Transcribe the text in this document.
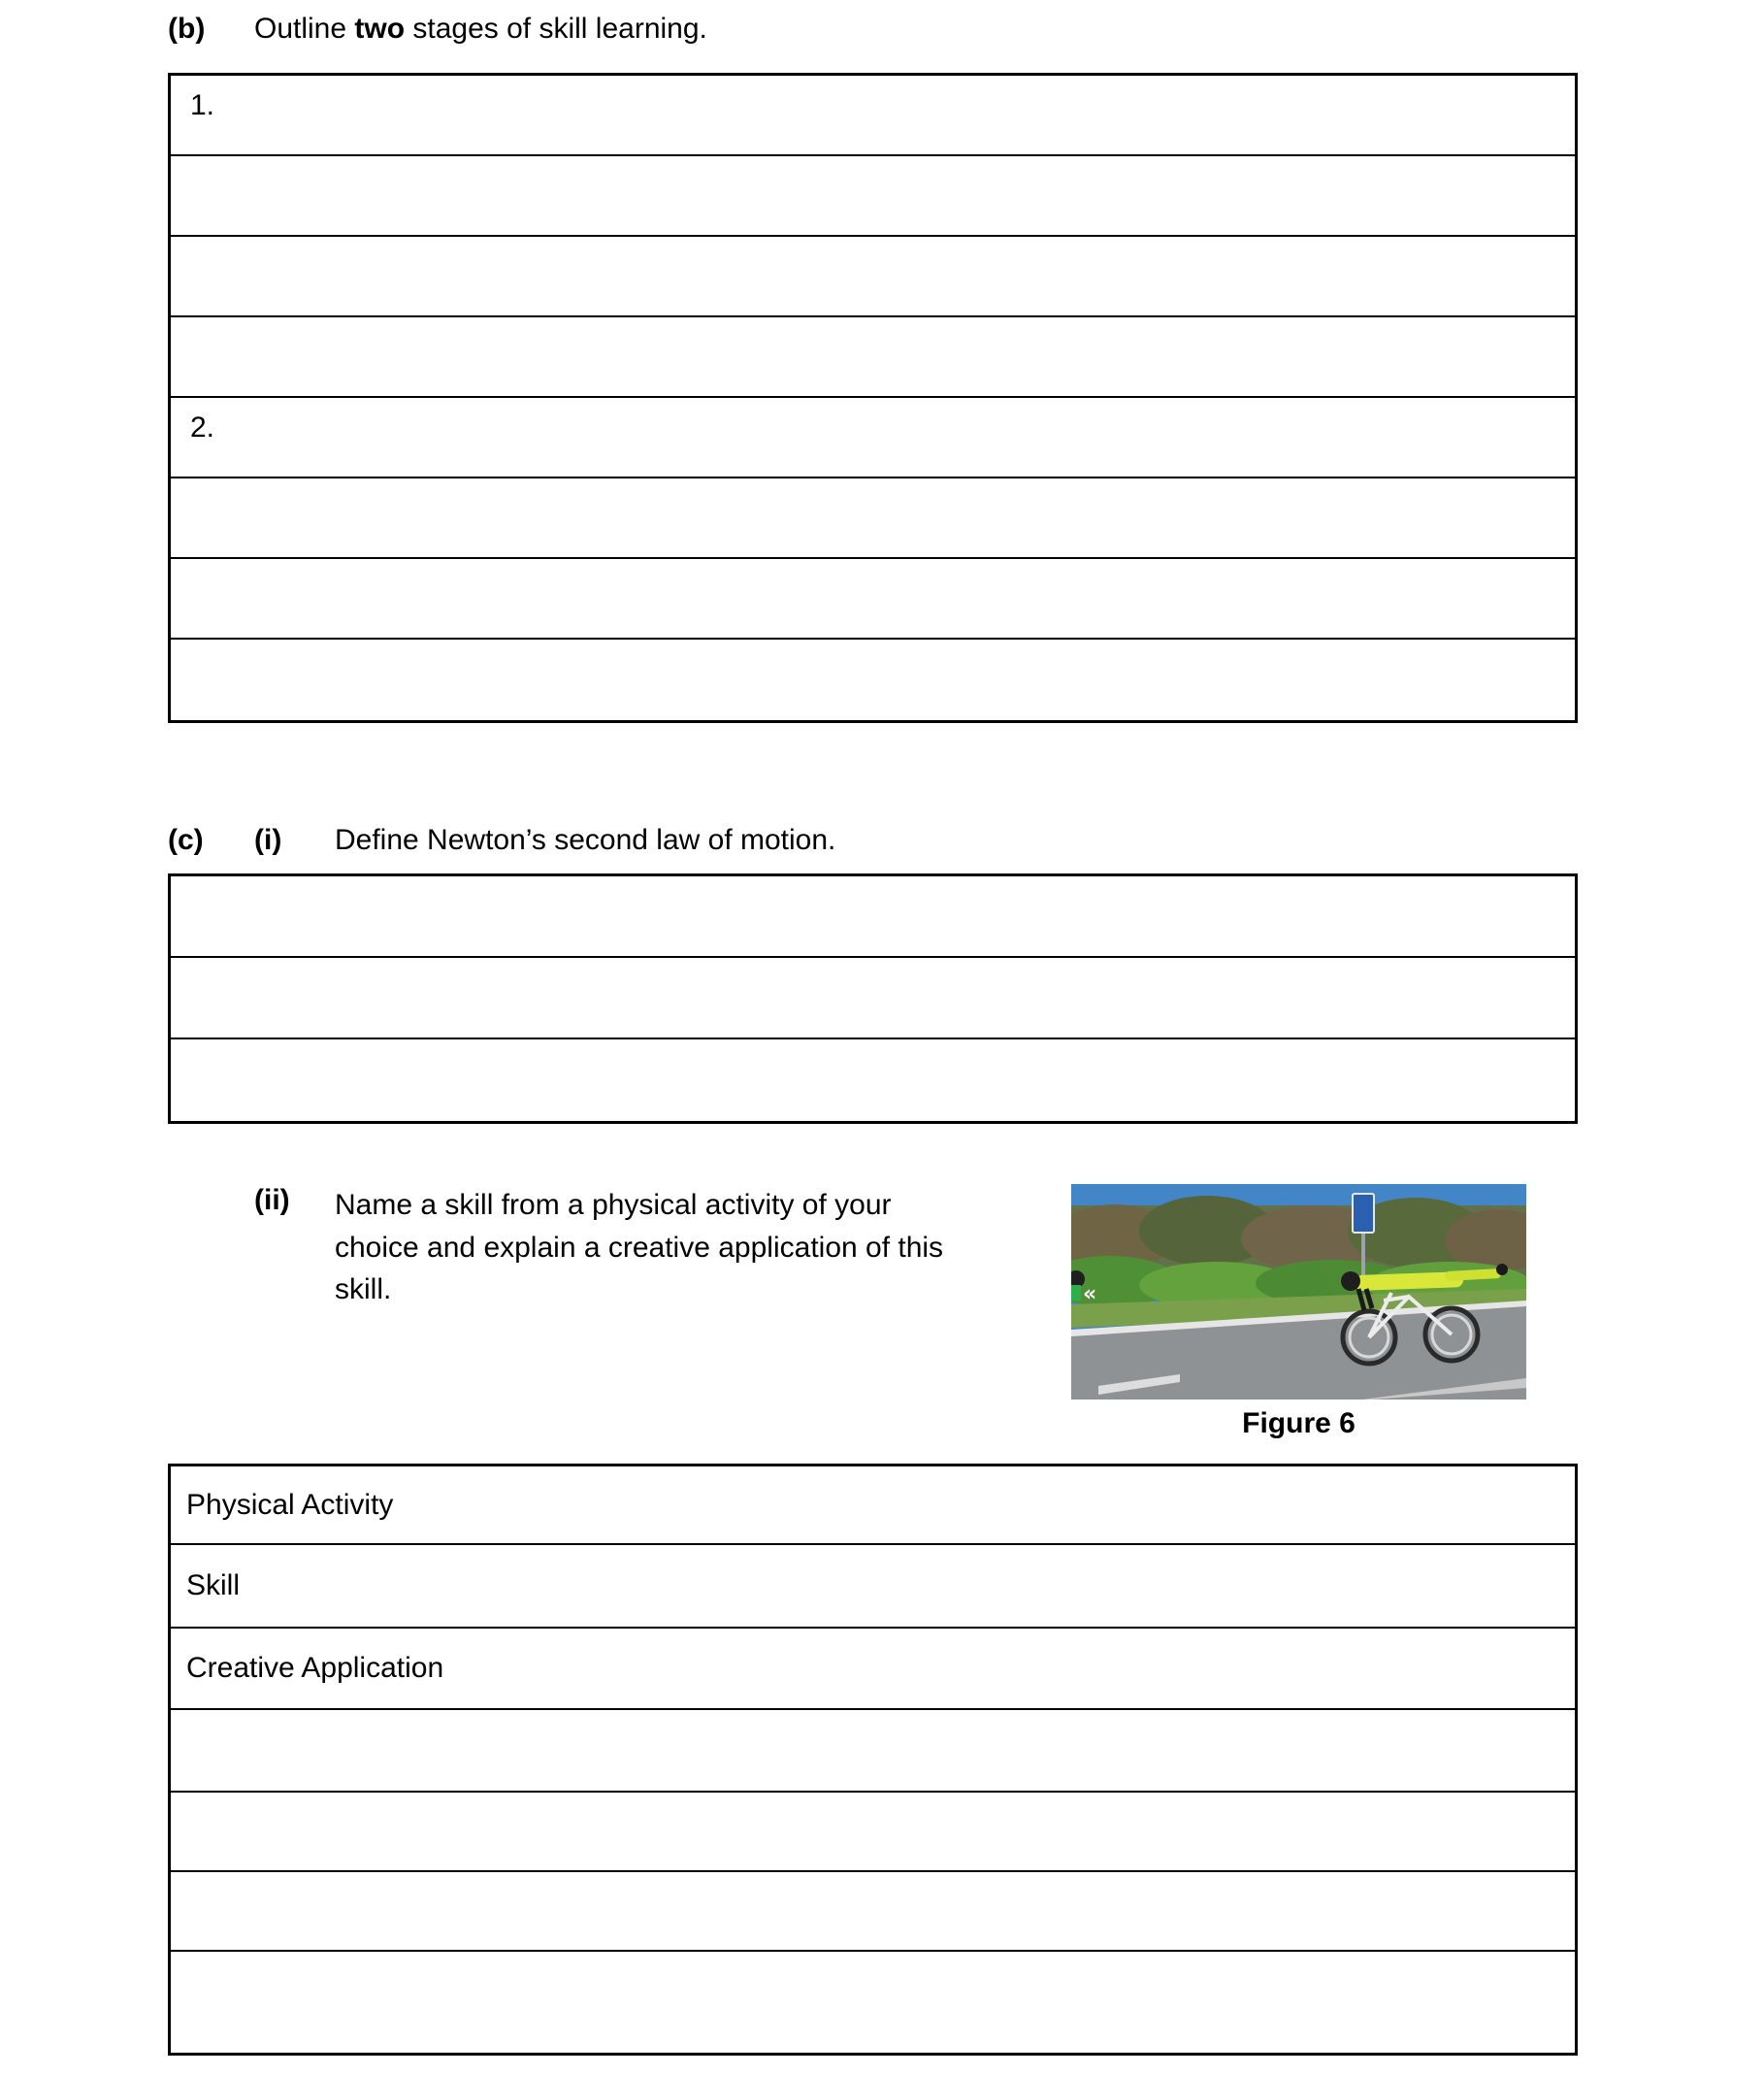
(b)	Outline two stages of skill learning.
1.
2.
(c)	(i)	Define Newton’s second law of motion.
(ii)	Name a skill from a physical activity of your
choice and explain a creative application of this
skill.	«
Figure 6
Physical Activity
Skill
Creative Application
